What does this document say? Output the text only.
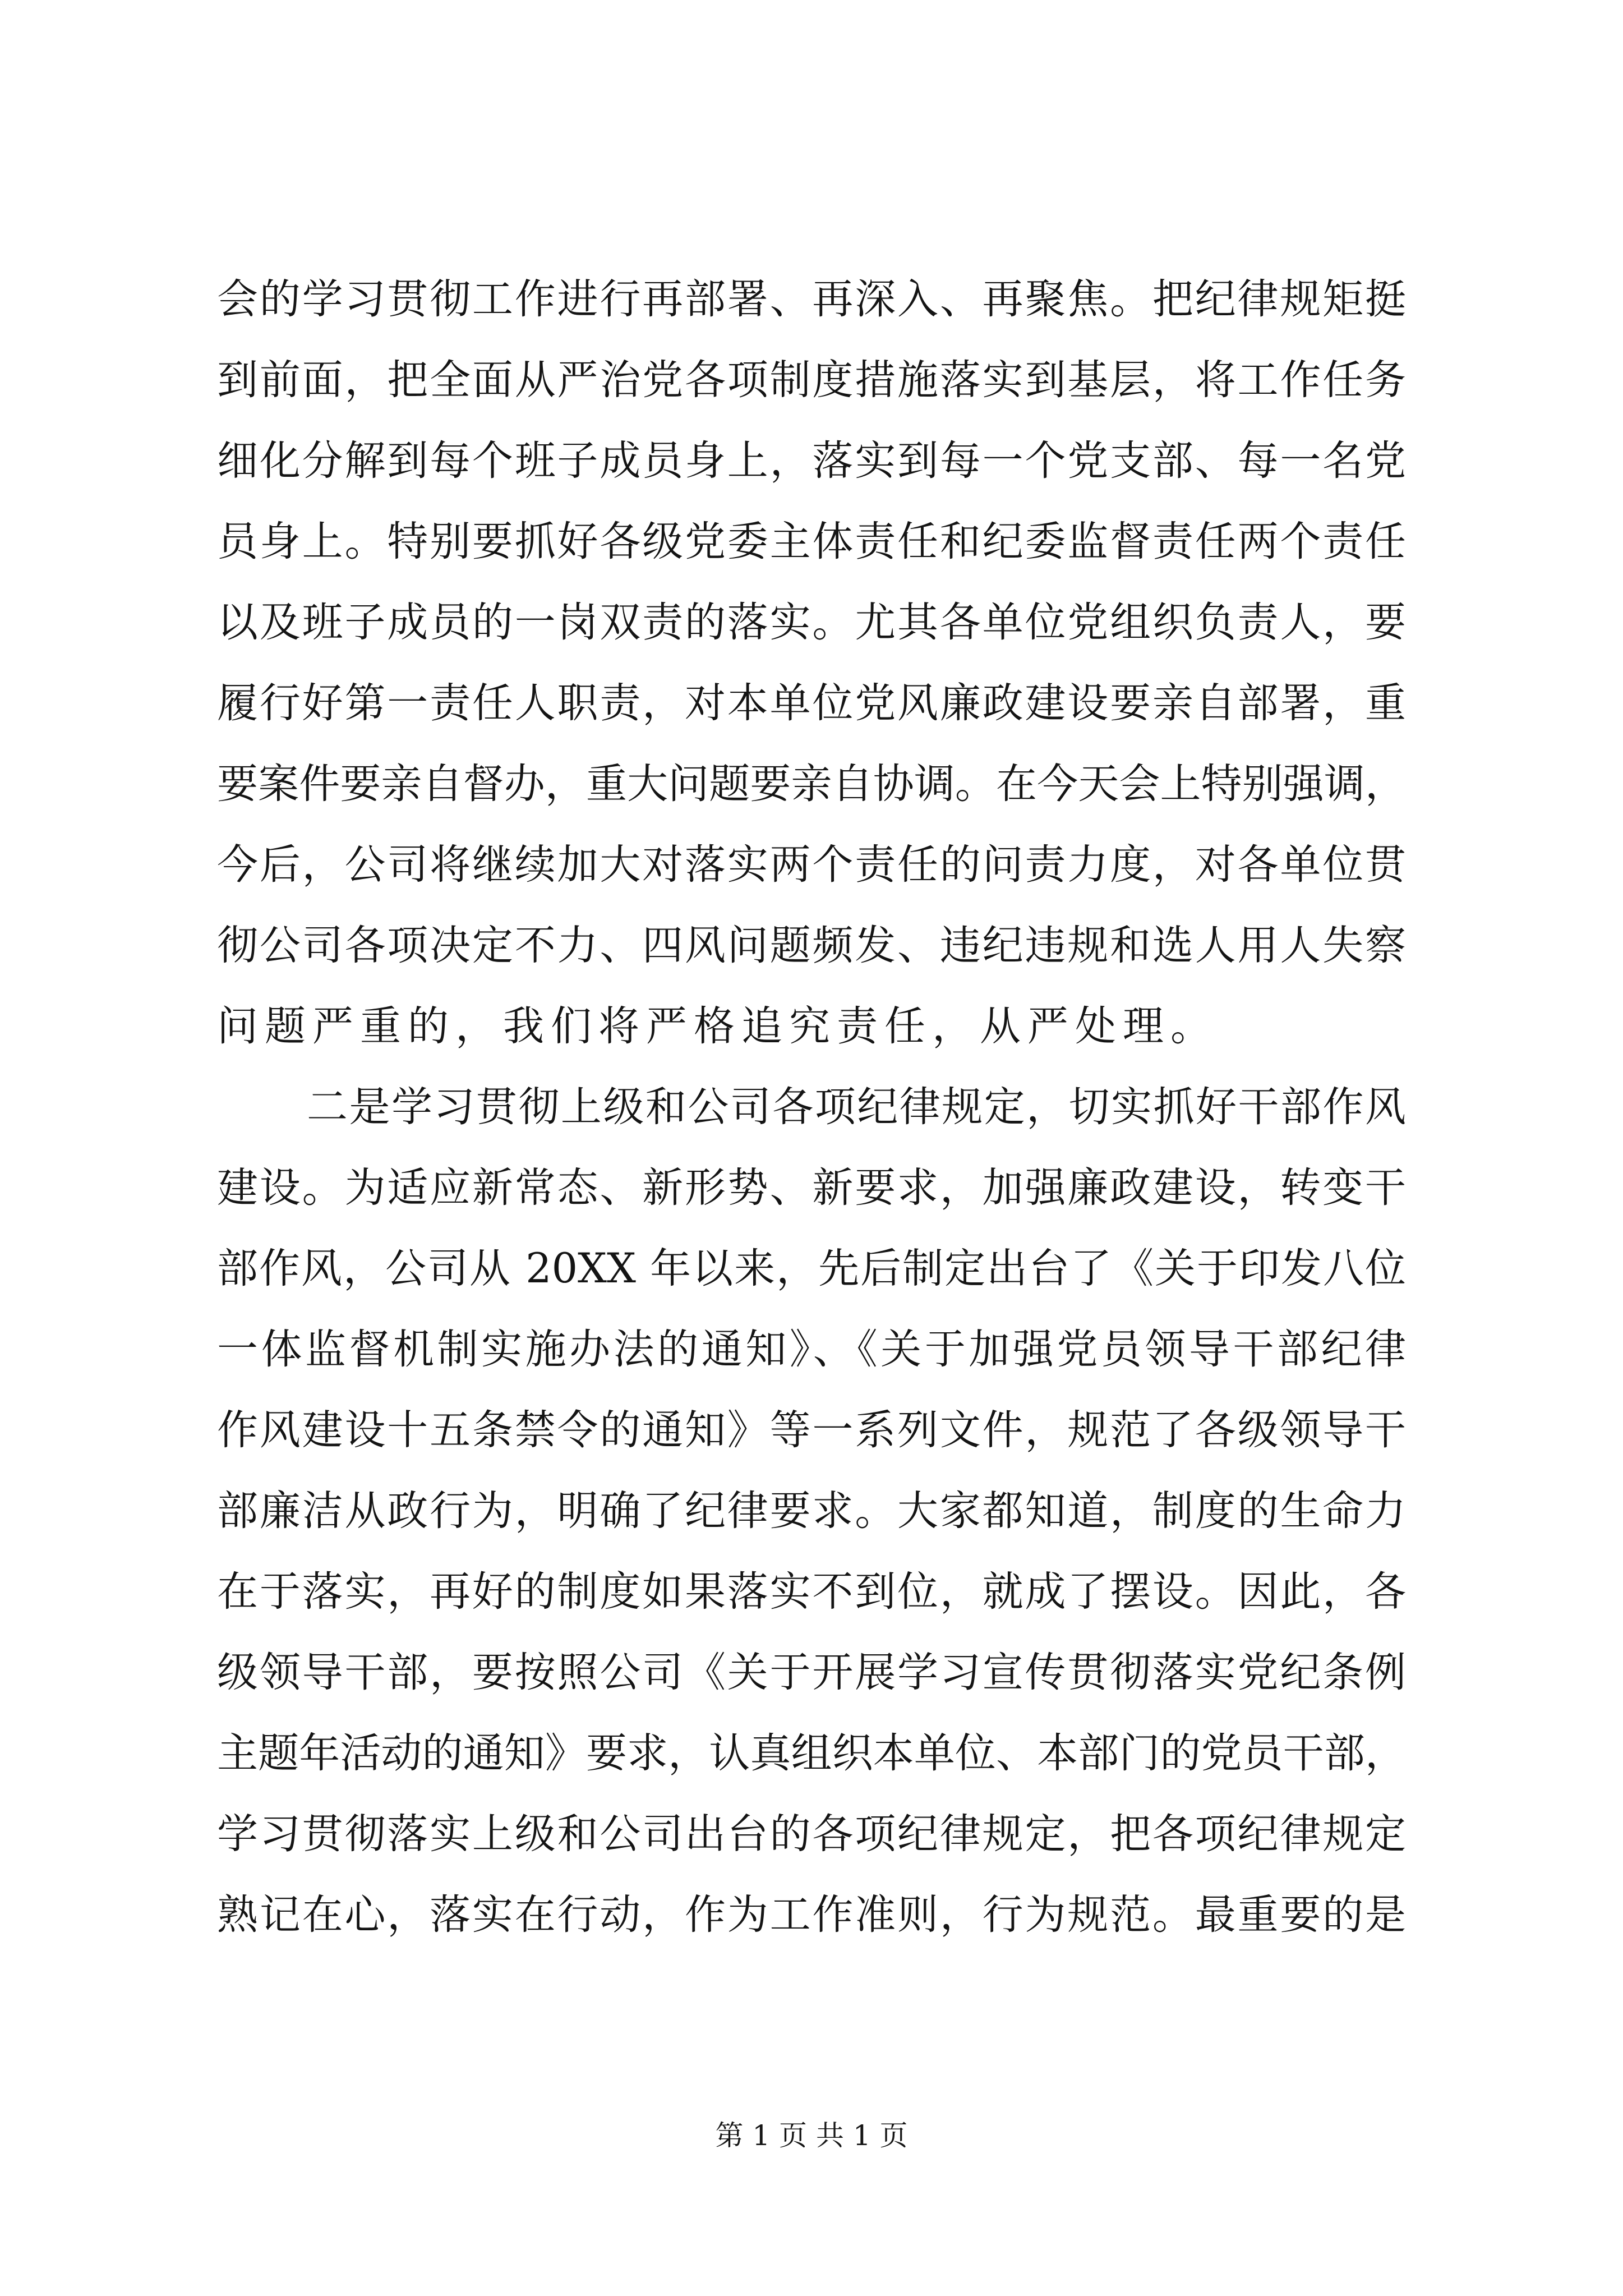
会的学习贯彻工作进行再部署、再深入、再聚焦。把纪律规矩挺
到前面，把全面从严治党各项制度措施落实到基层，将工作任务
细化分解到每个班子成员身上，落实到每一个党支部、每一名党
员身上。特别要抓好各级党委主体责任和纪委监督责任两个责任
以及班子成员的一岗双责的落实。尤其各单位党组织负责人，要
履行好第一责任人职责，对本单位党风廉政建设要亲自部署，重
要案件要亲自督办，重大问题要亲自协调。在今天会上特别强调，
今后，公司将继续加大对落实两个责任的问责力度，对各单位贯
彻公司各项决定不力、四风问题频发、违纪违规和选人用人失察
问题严重的，我们将严格追究责任，从严处理。
二是学习贯彻上级和公司各项纪律规定，切实抓好干部作风
建设。为适应新常态、新形势、新要求，加强廉政建设，转变干
部作风，公司从 20XX 年以来，先后制定出台了《关于印发八位
一体监督机制实施办法的通知》、《关于加强党员领导干部纪律
作风建设十五条禁令的通知》等一系列文件，规范了各级领导干
部廉洁从政行为，明确了纪律要求。大家都知道，制度的生命力
在于落实，再好的制度如果落实不到位，就成了摆设。因此，各
级领导干部，要按照公司《关于开展学习宣传贯彻落实党纪条例
主题年活动的通知》要求，认真组织本单位、本部门的党员干部，
学习贯彻落实上级和公司出台的各项纪律规定，把各项纪律规定
熟记在心，落实在行动，作为工作准则，行为规范。最重要的是
第 1 页 共 1 页
